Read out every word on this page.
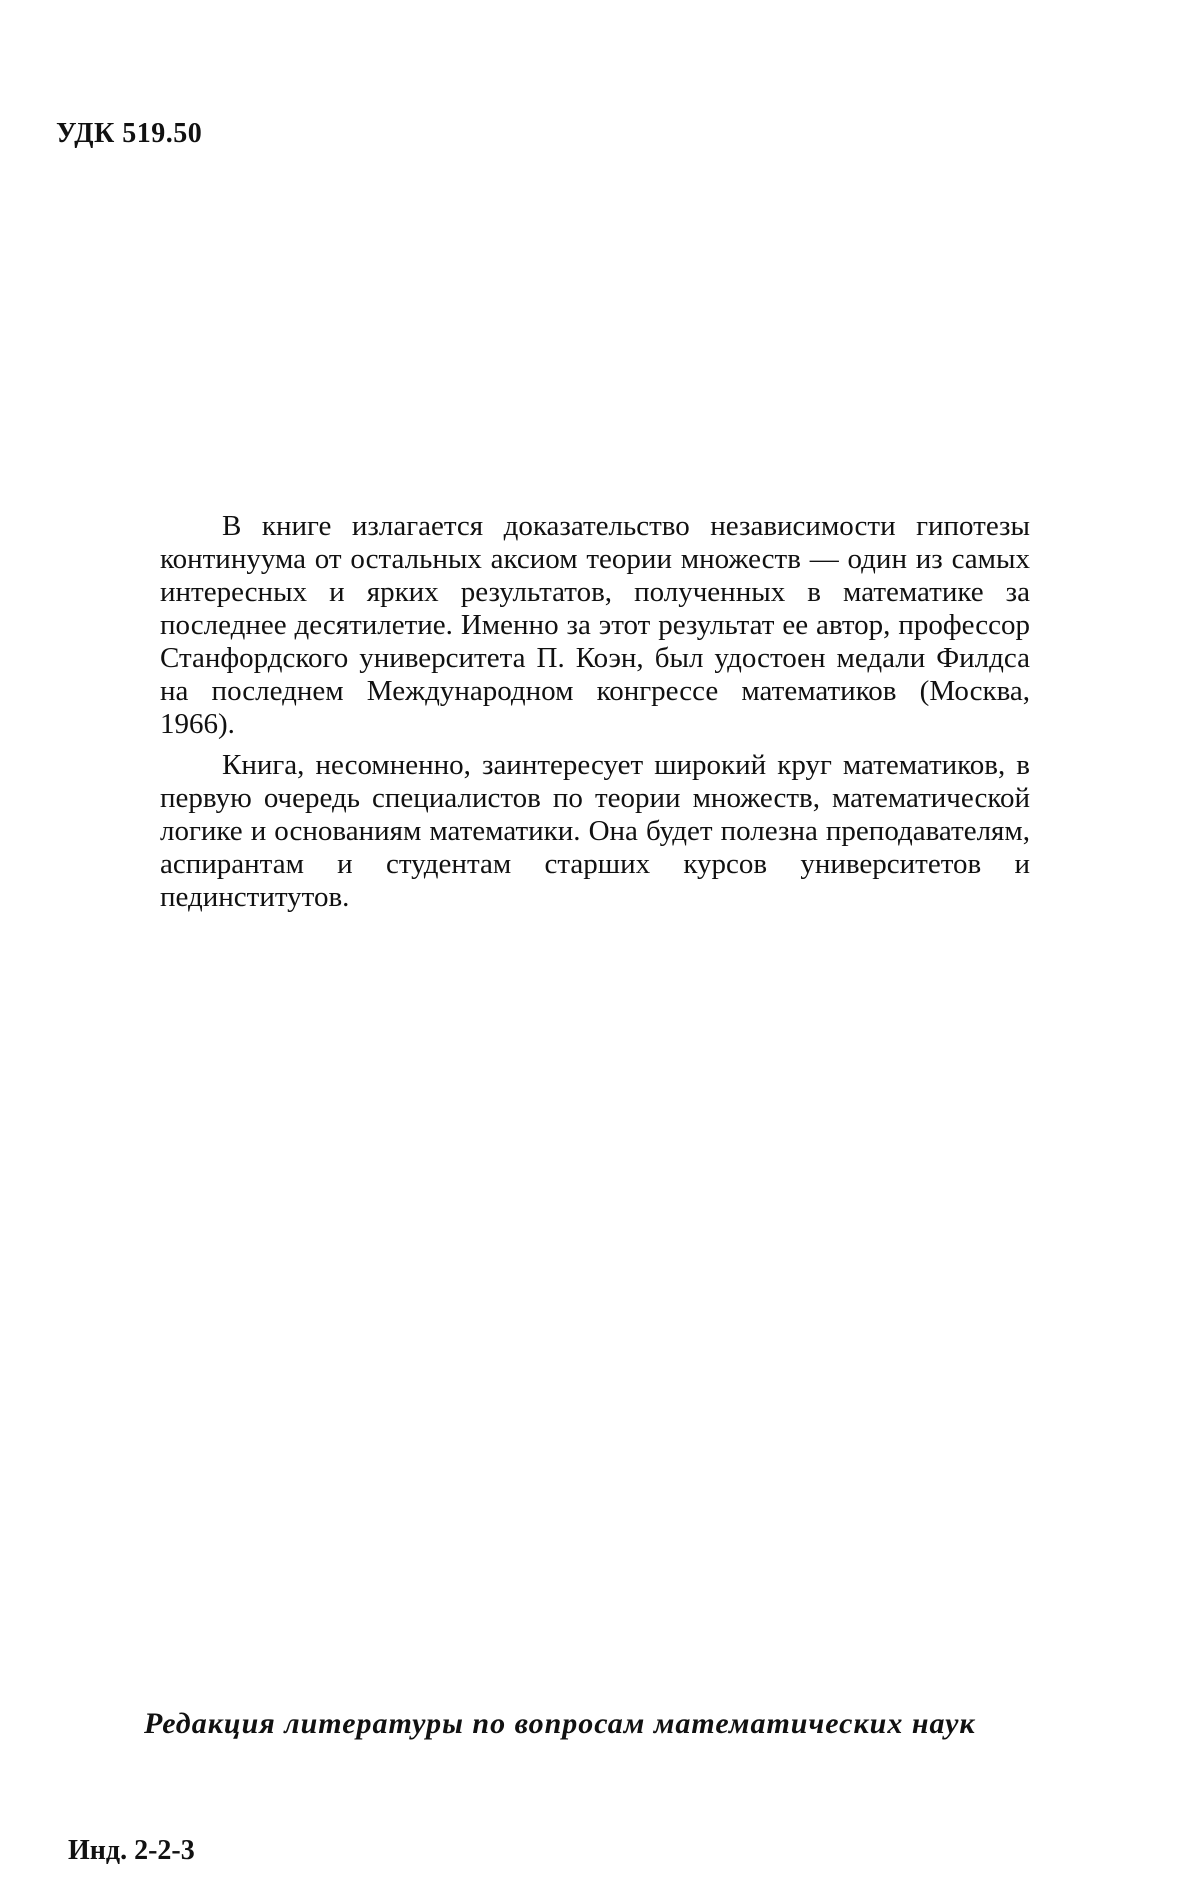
УДК 519.50

В книге излагается доказательство независимости гипотезы континуума от остальных аксиом теории множеств — один из самых интересных и ярких результатов, полученных в математике за последнее десятилетие. Именно за этот результат ее автор, профессор Станфордского университета П. Коэн, был удостоен медали Филдса на последнем Международном конгрессе математиков (Москва, 1966).

Книга, несомненно, заинтересует широкий круг математиков, в первую очередь специалистов по теории множеств, математической логике и основаниям математики. Она будет полезна преподавателям, аспирантам и студентам старших курсов университетов и пединститутов.

Редакция литературы по вопросам математических наук
Инд. 2-2-3
